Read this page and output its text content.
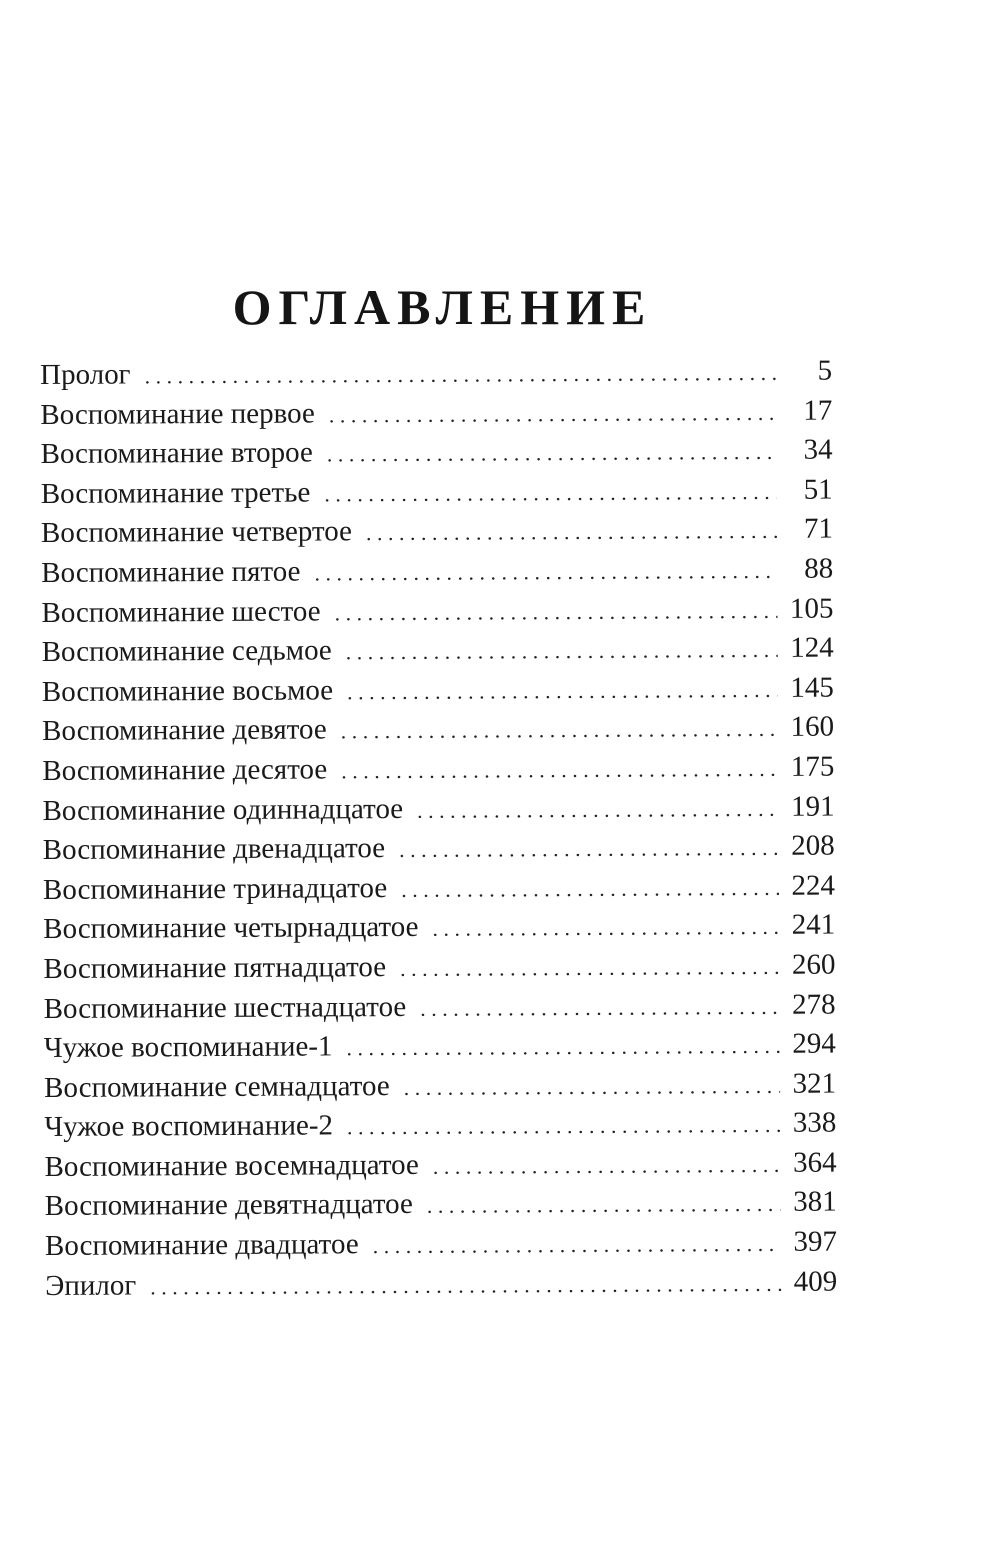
ОГЛАВЛЕНИЕ
Пролог . . .	5
Воспоминание первое . . .	17
Воспоминание второе . . .	34
Воспоминание третье . . .	51
Воспоминание четвертое . . .	71
Воспоминание пятое . . .	88
Воспоминание шестое . . .	105
Воспоминание седьмое . . .	124
Воспоминание восьмое . . .	145
Воспоминание девятое . . .	160
Воспоминание десятое . . .	175
Воспоминание одиннадцатое . . .	191
Воспоминание двенадцатое . . .	208
Воспоминание тринадцатое . . .	224
Воспоминание четырнадцатое . . .	241
Воспоминание пятнадцатое . . .	260
Воспоминание шестнадцатое . . .	278
Чужое воспоминание-1 . . .	294
Воспоминание семнадцатое . . .	321
Чужое воспоминание-2 . . .	338
Воспоминание восемнадцатое . . .	364
Воспоминание девятнадцатое . . .	381
Воспоминание двадцатое . . .	397
Эпилог . . .	409
